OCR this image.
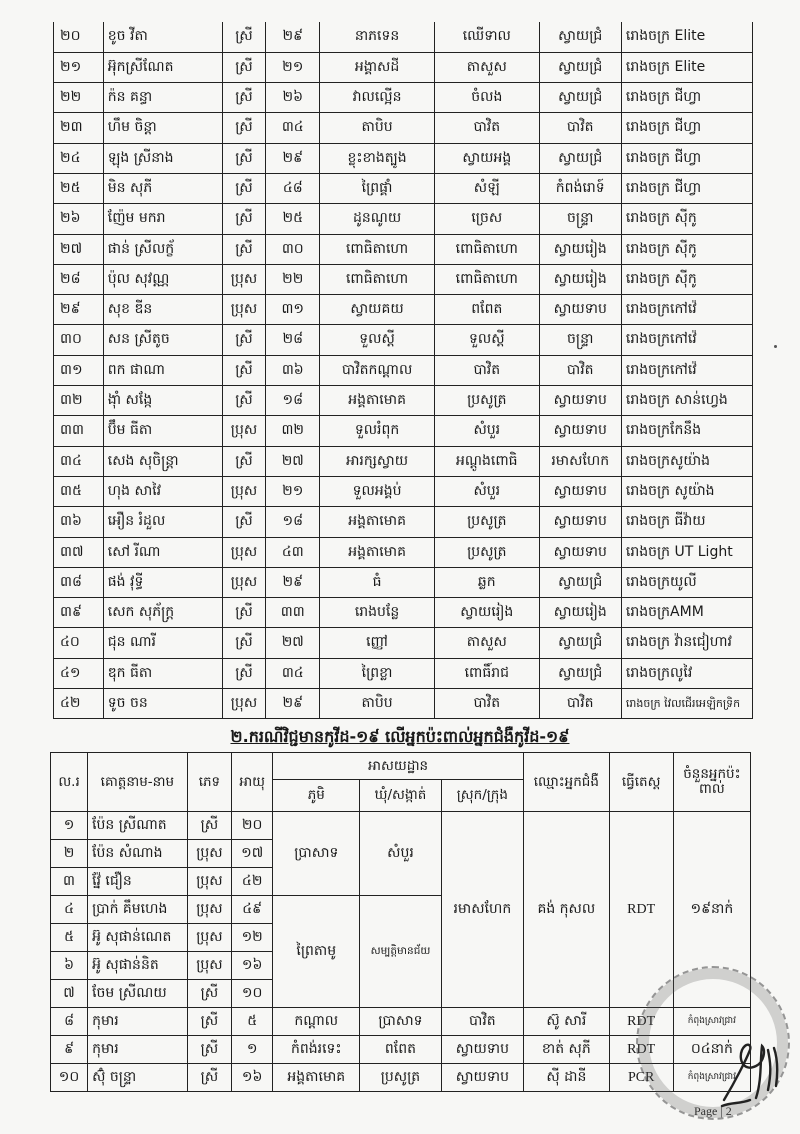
២០	ខូច វីតា	ស្រី	២៩	នាភទេន	ឈើទាល	ស្វាយជ្រំ	រោងចក្រ Elite
២១	អ៊ុកស្រីណែត	ស្រី	២១	អង្គាសដី	តាសួស	ស្វាយជ្រំ	រោងចក្រ Elite
២២	ក៉ន គន្ធា	ស្រី	២៦	វាលល្អើន	ចំលង	ស្វាយជ្រំ	រោងចក្រ ជីហ្វា
២៣	ហឹម ចិន្តា	ស្រី	៣៤	តាបិប	បាវិត	បាវិត	រោងចក្រ ជីហ្វា
២៤	ឡុង ស្រីនាង	ស្រី	២៩	ខ្លុះខាងត្បូង	ស្វាយអង្គ	ស្វាយជ្រំ	រោងចក្រ ជីហ្វា
២៥	មិន សុភី	ស្រី	៤៨	ព្រៃផ្គាំ	សំឡី	កំពង់រោទ៍	រោងចក្រ ជីហ្វា
២៦	ញ៉ែម មករា	ស្រី	២៥	ដូនណូយ	ច្រេស	ចន្ទ្រា	រោងចក្រ ស៊ីកូ
២៧	ផាន់ ស្រីលក្ខ័	ស្រី	៣០	ពោធិតាហោ	ពោធិតាហោ	ស្វាយរៀង	រោងចក្រ ស៊ីកូ
២៨	ប៉ុល សុវណ្ណ	ប្រុស	២២	ពោធិតាហោ	ពោធិតាហោ	ស្វាយរៀង	រោងចក្រ ស៊ីកូ
២៩	សុខ ឌីន	ប្រុស	៣១	ស្វាយគយ	ពពែត	ស្វាយទាប	រោងចក្រកៅវ៉េ
៣០	សន ស្រីតូច	ស្រី	២៨	ទួលស្តី	ទួលស្តី	ចន្ទ្រា	រោងចក្រកៅវ៉េ
៣១	ពក ផាណា	ស្រី	៣៦	បាវិតកណ្តាល	បាវិត	បាវិត	រោងចក្រកៅវ៉េ
៣២	ង៉ាំ សង្កែ	ស្រី	១៨	អង្គតាមោគ	ប្រសូត្រ	ស្វាយទាប	រោងចក្រ សាន់ហ្វេង
៣៣	ប៊ឹម ធីតា	ប្រុស	៣២	ទួលរំពុក	សំបួរ	ស្វាយទាប	រោងចក្រកែនឹង
៣៤	សេង សុចិន្ត្រា	ស្រី	២៧	អារក្សស្វាយ	អណ្តូងពោធិ	រមាសហែក	រោងចក្រសូយ៉ាង
៣៥	ហុង សាវៃ	ប្រុស	២១	ទួលអង្គប់	សំបួរ	ស្វាយទាប	រោងចក្រ សូយ៉ាង
៣៦	អឿន រំដួល	ស្រី	១៨	អង្គតាមោគ	ប្រសូត្រ	ស្វាយទាប	រោងចក្រ ធីវ៉ាយ
៣៧	សៅ រីណា	ប្រុស	៤៣	អង្គតាមោគ	ប្រសូត្រ	ស្វាយទាប	រោងចក្រ UT Light
៣៨	ផង់ វុទ្ធី	ប្រុស	២៩	ធំ	ឆ្លក	ស្វាយជ្រំ	រោងចក្រយូលី
៣៩	សេក សុភ័ក្ត្រ	ស្រី	៣៣	រោងបន្លែ	ស្វាយរៀង	ស្វាយរៀង	រោងចក្រAMM
៤០	ជុន ណារី	ស្រី	២៧	ញ្ញៅ	តាសួស	ស្វាយជ្រំ	រោងចក្រ វ៉ានជៀហាវ
៤១	ឌុក ធីតា	ស្រី	៣៤	ព្រៃខ្លា	ពោធិ៍រាជ	ស្វាយជ្រំ	រោងចក្រលូវៃ
៤២	ទូច ចន	ប្រុស	២៩	តាបិប	បាវិត	បាវិត	រោងចក្រ វៃលជើរអេឡិកទ្រិក
២.ករណីវិជ្ជមានកូវីដ-១៩ លើអ្នកប៉ះពាល់អ្នកជំងឺកូវីដ-១៩
ល.រ	គោត្តនាម-នាម	ភេទ	អាយុ	អាសយដ្ឋាន			ឈ្មោះអ្នកជំងឺ	ធ្វើតេស្ត	ចំនួនអ្នកប៉ះពាល់
				ភូមិ	ឃុំ/សង្កាត់	ស្រុក/ក្រុង			
១	ប៉ែន ស្រីណាត	ស្រី	២០	ប្រាសាទ	សំបួរ	រមាសហែក	គង់ កុសល	RDT	១៩នាក់
២	ប៉ែន សំណាង	ប្រុស	១៧						
៣	វ៉ែ្ន ជឿន	ប្រុស	៤២						
៤	ប្រាក់ គឹមហេង	ប្រុស	៤៩	ព្រៃតាមូ	សម្បត្តិមានជ័យ				
៥	អ៊ូ សុផាន់ណេត	ប្រុស	១២						
៦	អ៊ូ សុផាន់និត	ប្រុស	១៦						
៧	ចែម ស្រីណយ	ស្រី	១០						
៨	កុមារ	ស្រី	៥	កណ្តាល	ប្រាសាទ	បាវិត	ស៊ូ សារី	RDT	កំពុងស្រាវជ្រាវ
៩	កុមារ	ស្រី	១	កំពង់រទេះ	ពពែត	ស្វាយទាប	ខាត់ សុភី	RDT	០៤នាក់
១០	ស៊ុំ ចន្ទ្រា	ស្រី	១៦	អង្គតាមោគ	ប្រសូត្រ	ស្វាយទាប	ស៊ី ដានី	PCR	កំពុងស្រាវជ្រាវ
Page | 2
